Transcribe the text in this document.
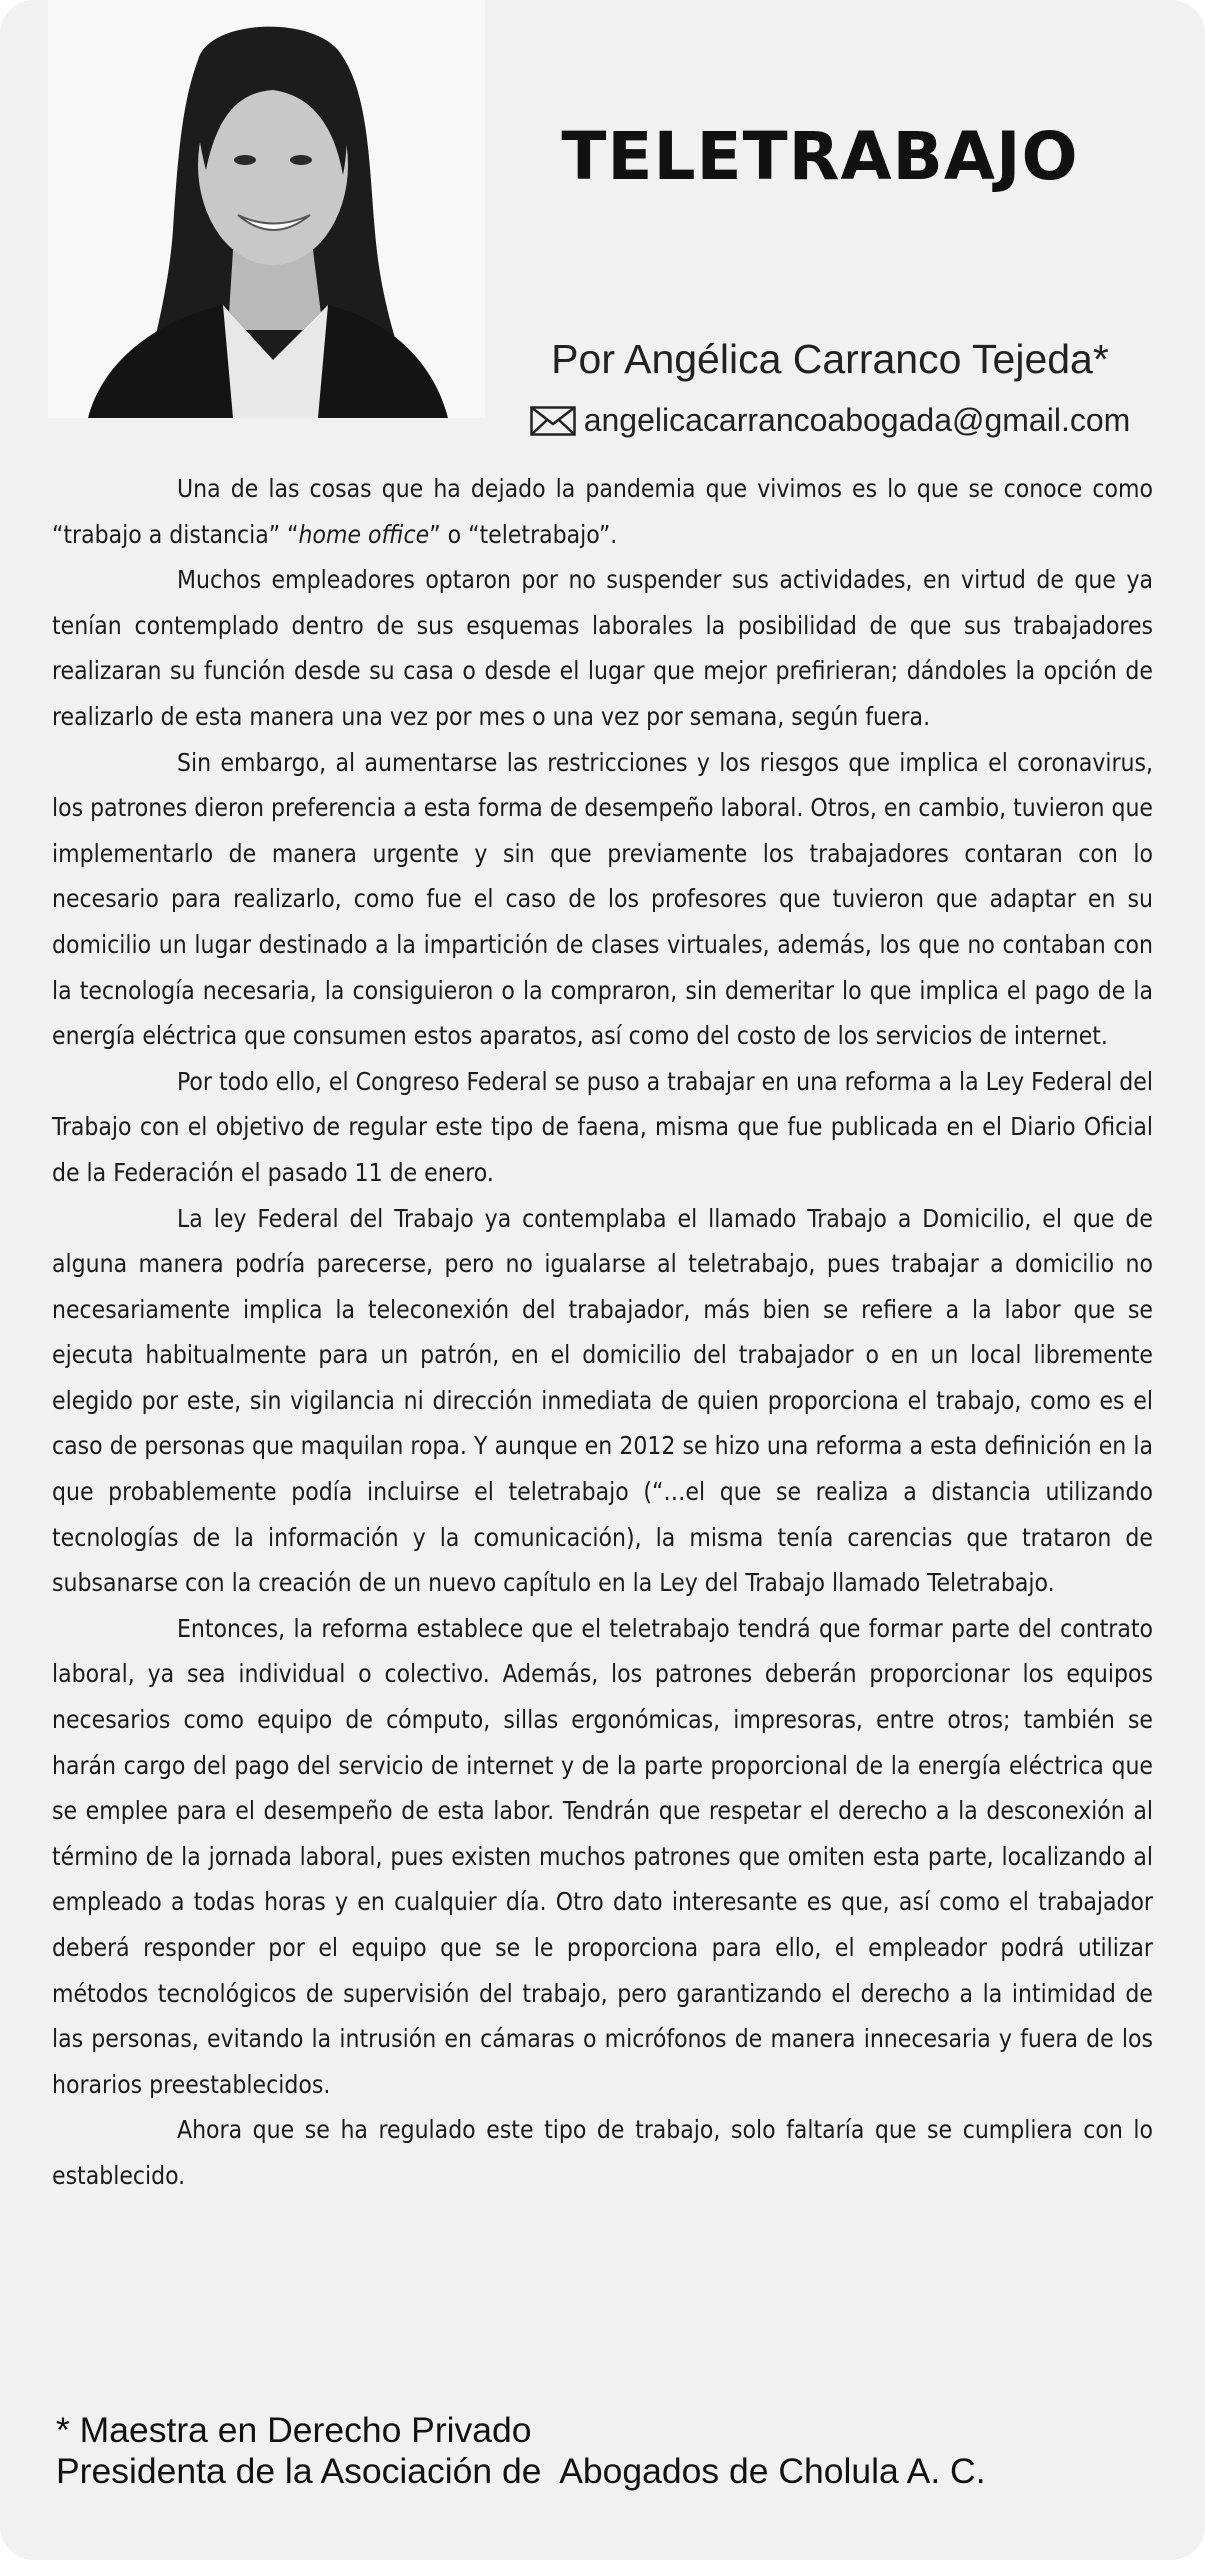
TELETRABAJO
Por Angélica Carranco Tejeda*
angelicacarrancoabogada@gmail.com

Una de las cosas que ha dejado la pandemia que vivimos es lo que se conoce como “trabajo a distancia” “home office” o “teletrabajo”.

Muchos empleadores optaron por no suspender sus actividades, en virtud de que ya tenían contemplado dentro de sus esquemas laborales la posibilidad de que sus trabajadores realizaran su función desde su casa o desde el lugar que mejor prefirieran; dándoles la opción de realizarlo de esta manera una vez por mes o una vez por semana, según fuera.

Sin embargo, al aumentarse las restricciones y los riesgos que implica el coronavirus, los patrones dieron preferencia a esta forma de desempeño laboral. Otros, en cambio, tuvieron que implementarlo de manera urgente y sin que previamente los trabajadores contaran con lo necesario para realizarlo, como fue el caso de los profesores que tuvieron que adaptar en su domicilio un lugar destinado a la impartición de clases virtuales, además, los que no contaban con la tecnología necesaria, la consiguieron o la compraron, sin demeritar lo que implica el pago de la energía eléctrica que consumen estos aparatos, así como del costo de los servicios de internet.

Por todo ello, el Congreso Federal se puso a trabajar en una reforma a la Ley Federal del Trabajo con el objetivo de regular este tipo de faena, misma que fue publicada en el Diario Oficial de la Federación el pasado 11 de enero.

La ley Federal del Trabajo ya contemplaba el llamado Trabajo a Domicilio, el que de alguna manera podría parecerse, pero no igualarse al teletrabajo, pues trabajar a domicilio no necesariamente implica la teleconexión del trabajador, más bien se refiere a la labor que se ejecuta habitualmente para un patrón, en el domicilio del trabajador o en un local libremente elegido por este, sin vigilancia ni dirección inmediata de quien proporciona el trabajo, como es el caso de personas que maquilan ropa. Y aunque en 2012 se hizo una reforma a esta definición en la que probablemente podía incluirse el teletrabajo (“…el que se realiza a distancia utilizando tecnologías de la información y la comunicación), la misma tenía carencias que trataron de subsanarse con la creación de un nuevo capítulo en la Ley del Trabajo llamado Teletrabajo.

Entonces, la reforma establece que el teletrabajo tendrá que formar parte del contrato laboral, ya sea individual o colectivo. Además, los patrones deberán proporcionar los equipos necesarios como equipo de cómputo, sillas ergonómicas, impresoras, entre otros; también se harán cargo del pago del servicio de internet y de la parte proporcional de la energía eléctrica que se emplee para el desempeño de esta labor. Tendrán que respetar el derecho a la desconexión al término de la jornada laboral, pues existen muchos patrones que omiten esta parte, localizando al empleado a todas horas y en cualquier día. Otro dato interesante es que, así como el trabajador deberá responder por el equipo que se le proporciona para ello, el empleador podrá utilizar métodos tecnológicos de supervisión del trabajo, pero garantizando el derecho a la intimidad de las personas, evitando la intrusión en cámaras o micrófonos de manera innecesaria y fuera de los horarios preestablecidos.

Ahora que se ha regulado este tipo de trabajo, solo faltaría que se cumpliera con lo establecido.

* Maestra en Derecho Privado
Presidenta de la Asociación de  Abogados de Cholula A. C.
